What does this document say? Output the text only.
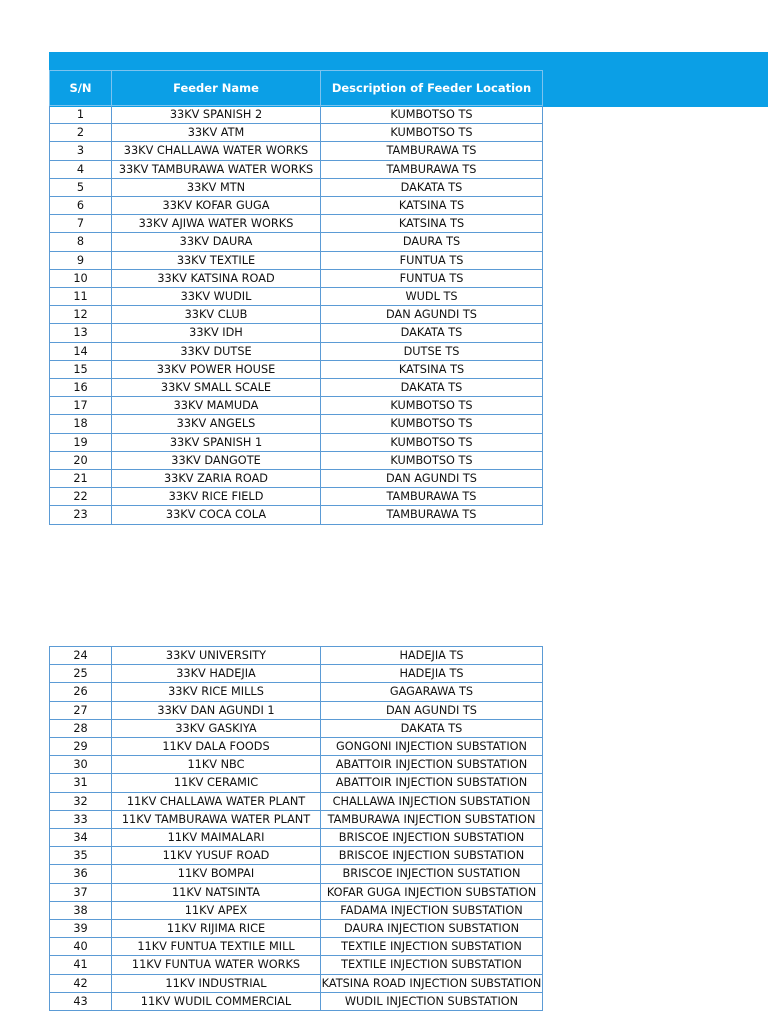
S/N	Feeder Name	Description of Feeder Location
1	33KV SPANISH 2	KUMBOTSO TS
2	33KV ATM	KUMBOTSO TS
3	33KV CHALLAWA WATER WORKS	TAMBURAWA TS
4	33KV TAMBURAWA WATER WORKS	TAMBURAWA TS
5	33KV MTN	DAKATA TS
6	33KV KOFAR GUGA	KATSINA TS
7	33KV AJIWA WATER WORKS	KATSINA TS
8	33KV DAURA	DAURA TS
9	33KV TEXTILE	FUNTUA TS
10	33KV KATSINA ROAD	FUNTUA TS
11	33KV WUDIL	WUDL TS
12	33KV CLUB	DAN AGUNDI TS
13	33KV IDH	DAKATA TS
14	33KV DUTSE	DUTSE TS
15	33KV POWER HOUSE	KATSINA TS
16	33KV SMALL SCALE	DAKATA TS
17	33KV MAMUDA	KUMBOTSO TS
18	33KV ANGELS	KUMBOTSO TS
19	33KV SPANISH 1	KUMBOTSO TS
20	33KV DANGOTE	KUMBOTSO TS
21	33KV ZARIA ROAD	DAN AGUNDI TS
22	33KV RICE FIELD	TAMBURAWA TS
23	33KV COCA COLA	TAMBURAWA TS
24	33KV UNIVERSITY	HADEJIA TS
25	33KV HADEJIA	HADEJIA TS
26	33KV RICE MILLS	GAGARAWA TS
27	33KV DAN AGUNDI 1	DAN AGUNDI TS
28	33KV GASKIYA	DAKATA TS
29	11KV DALA FOODS	GONGONI INJECTION SUBSTATION
30	11KV NBC	ABATTOIR INJECTION SUBSTATION
31	11KV CERAMIC	ABATTOIR INJECTION SUBSTATION
32	11KV CHALLAWA WATER PLANT	CHALLAWA INJECTION SUBSTATION
33	11KV TAMBURAWA WATER PLANT	TAMBURAWA INJECTION SUBSTATION
34	11KV MAIMALARI	BRISCOE INJECTION SUBSTATION
35	11KV YUSUF ROAD	BRISCOE INJECTION SUBSTATION
36	11KV BOMPAI	BRISCOE INJECTION SUSTATION
37	11KV NATSINTA	KOFAR GUGA INJECTION SUBSTATION
38	11KV APEX	FADAMA INJECTION SUBSTATION
39	11KV RIJIMA RICE	DAURA INJECTION SUBSTATION
40	11KV FUNTUA TEXTILE MILL	TEXTILE INJECTION SUBSTATION
41	11KV FUNTUA WATER WORKS	TEXTILE INJECTION SUBSTATION
42	11KV INDUSTRIAL	KATSINA ROAD INJECTION SUBSTATION
43	11KV WUDIL COMMERCIAL	WUDIL INJECTION SUBSTATION
